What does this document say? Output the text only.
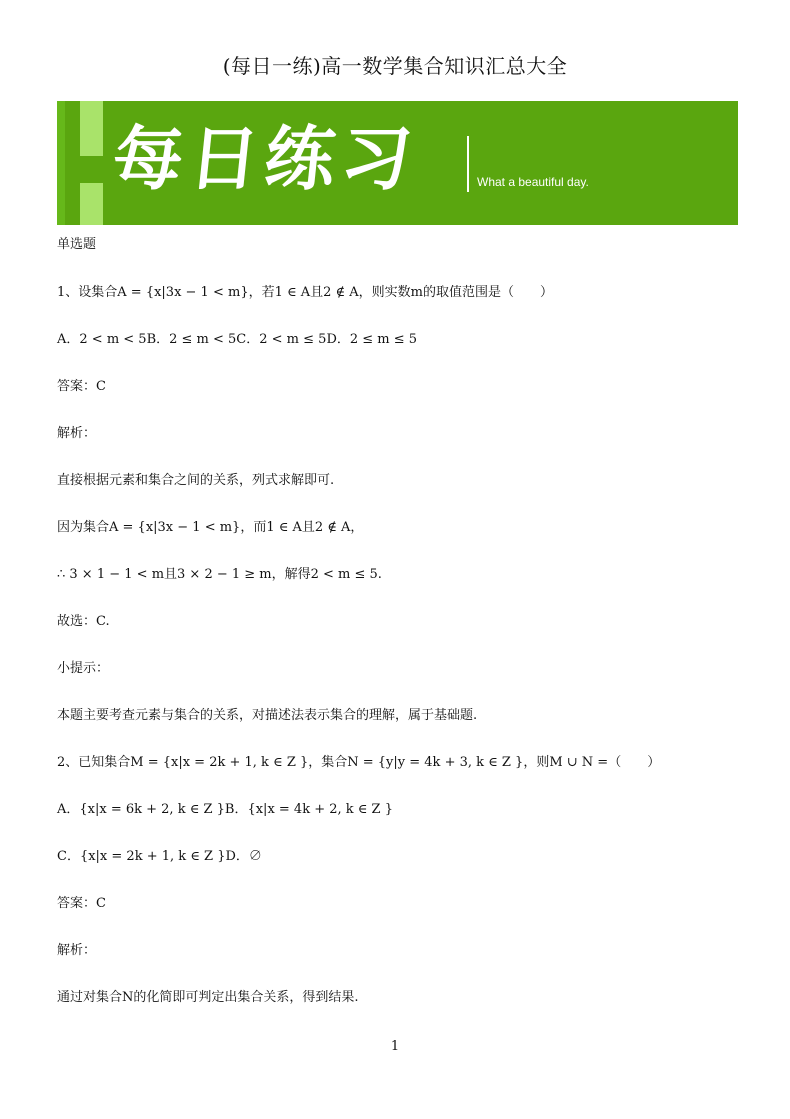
(每日一练)高一数学集合知识汇总大全
每日练习	What a beautiful day.
单选题
1、设集合A = {x|3x − 1 < m}，若1 ∈ A且2 ∉ A，则实数m的取值范围是（　　）
A．2 < m < 5B．2 ≤ m < 5C．2 < m ≤ 5D．2 ≤ m ≤ 5
答案：C
解析：
直接根据元素和集合之间的关系，列式求解即可.
因为集合A = {x|3x − 1 < m}，而1 ∈ A且2 ∉ A，
∴ 3 × 1 − 1 < m且3 × 2 − 1 ≥ m，解得2 < m ≤ 5.
故选：C.
小提示：
本题主要考查元素与集合的关系，对描述法表示集合的理解，属于基础题.
2、已知集合M = {x|x = 2k + 1, k ∈ Z }，集合N = {y|y = 4k + 3, k ∈ Z }，则M ∪ N =（　　）
A．{x|x = 6k + 2, k ∈ Z }B．{x|x = 4k + 2, k ∈ Z }
C．{x|x = 2k + 1, k ∈ Z }D．∅
答案：C
解析：
通过对集合N的化简即可判定出集合关系，得到结果.
1
